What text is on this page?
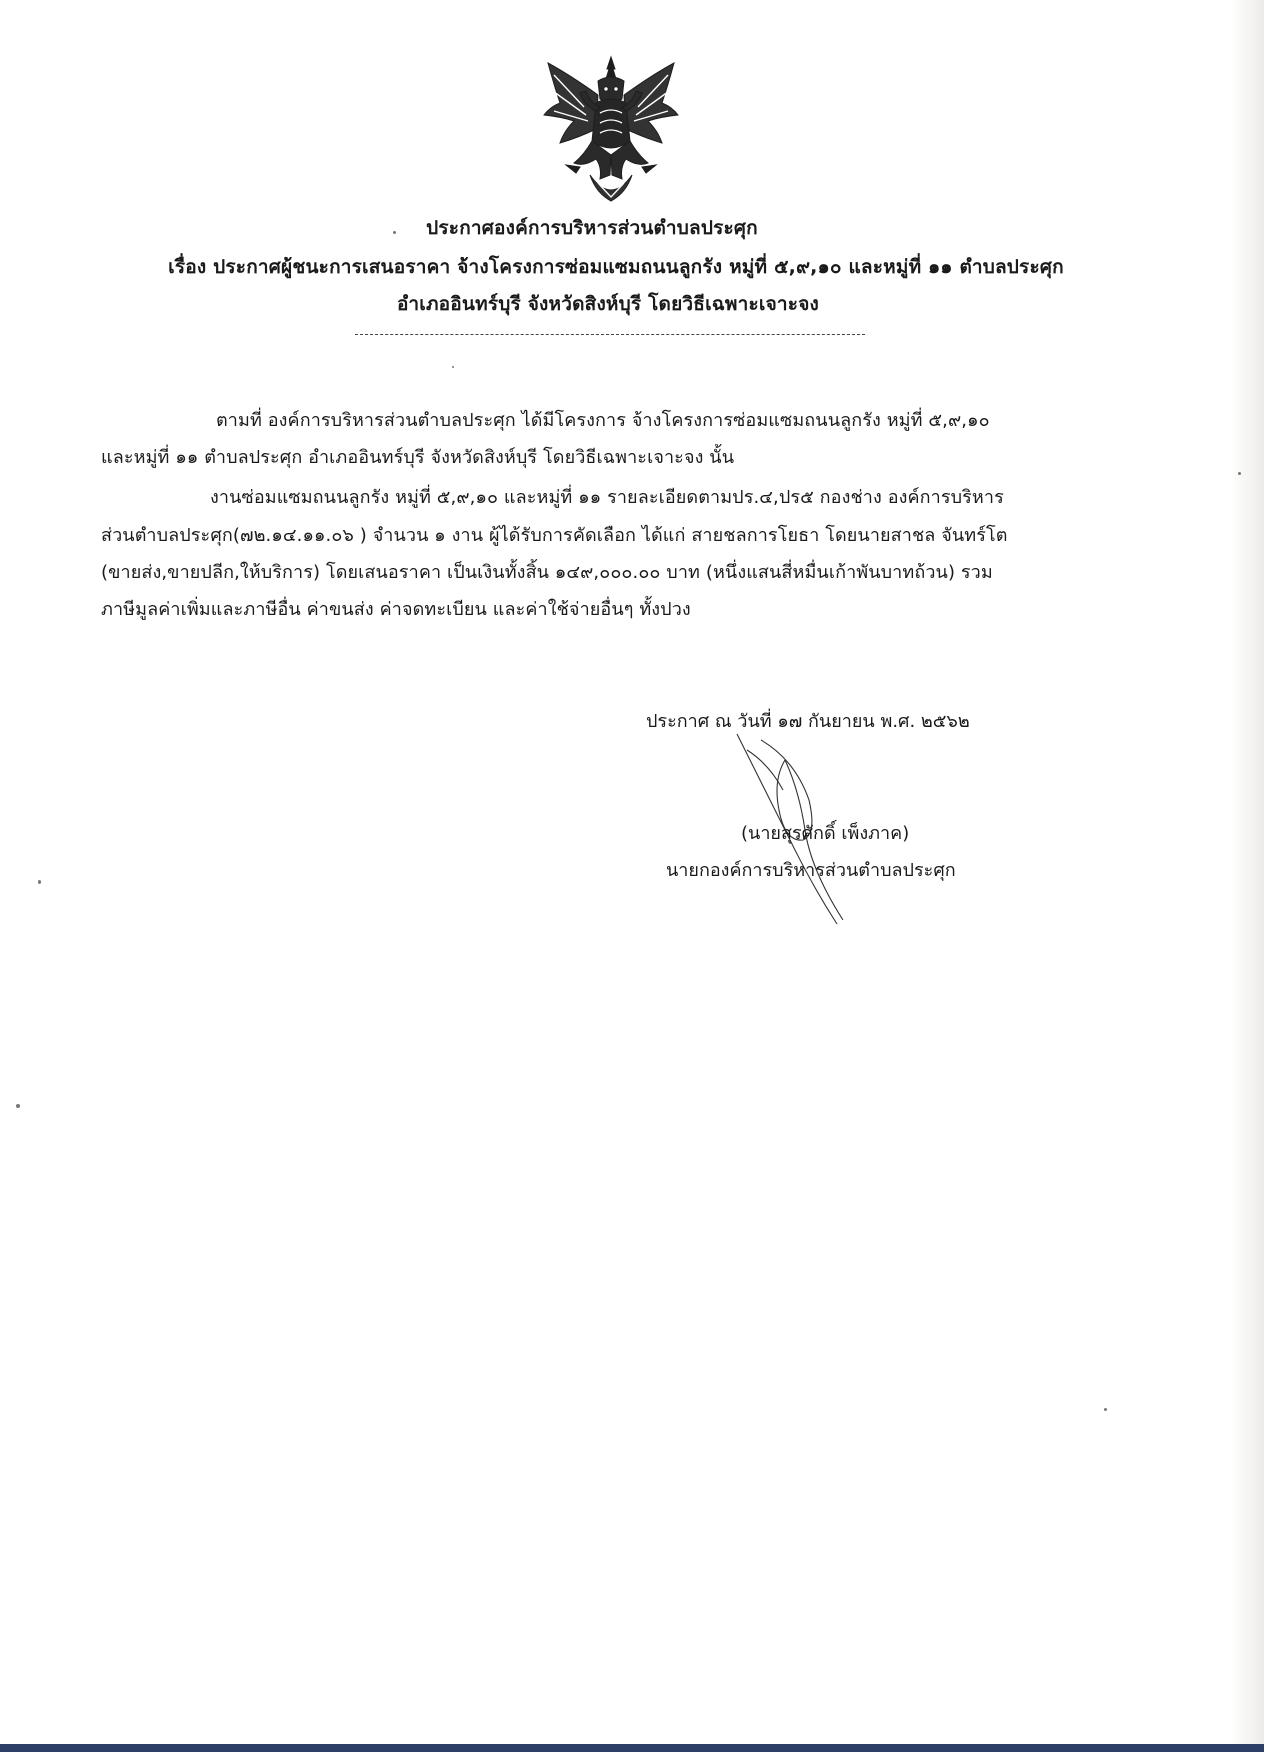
ประกาศองค์การบริหารส่วนตำบลประศุก
เรื่อง ประกาศผู้ชนะการเสนอราคา จ้างโครงการซ่อมแซมถนนลูกรัง หมู่ที่ ๕,๙,๑๐ และหมู่ที่ ๑๑ ตำบลประศุก
อำเภออินทร์บุรี จังหวัดสิงห์บุรี โดยวิธีเฉพาะเจาะจง
ตามที่ องค์การบริหารส่วนตำบลประศุก ได้มีโครงการ จ้างโครงการซ่อมแซมถนนลูกรัง หมู่ที่ ๕,๙,๑๐
และหมู่ที่ ๑๑ ตำบลประศุก อำเภออินทร์บุรี จังหวัดสิงห์บุรี โดยวิธีเฉพาะเจาะจง นั้น
งานซ่อมแซมถนนลูกรัง หมู่ที่ ๕,๙,๑๐ และหมู่ที่ ๑๑ รายละเอียดตามปร.๔,ปร๕ กองช่าง องค์การบริหาร
ส่วนตำบลประศุก(๗๒.๑๔.๑๑.๐๖ ) จำนวน ๑ งาน ผู้ได้รับการคัดเลือก ได้แก่ สายชลการโยธา โดยนายสาชล จันทร์โต
(ขายส่ง,ขายปลีก,ให้บริการ) โดยเสนอราคา เป็นเงินทั้งสิ้น ๑๔๙,๐๐๐.๐๐ บาท (หนึ่งแสนสี่หมื่นเก้าพันบาทถ้วน) รวม
ภาษีมูลค่าเพิ่มและภาษีอื่น ค่าขนส่ง ค่าจดทะเบียน และค่าใช้จ่ายอื่นๆ ทั้งปวง
ประกาศ ณ วันที่ ๑๗ กันยายน พ.ศ. ๒๕๖๒
(นายสุรศักดิ์ เพ็งภาค)
นายกองค์การบริหารส่วนตำบลประศุก
